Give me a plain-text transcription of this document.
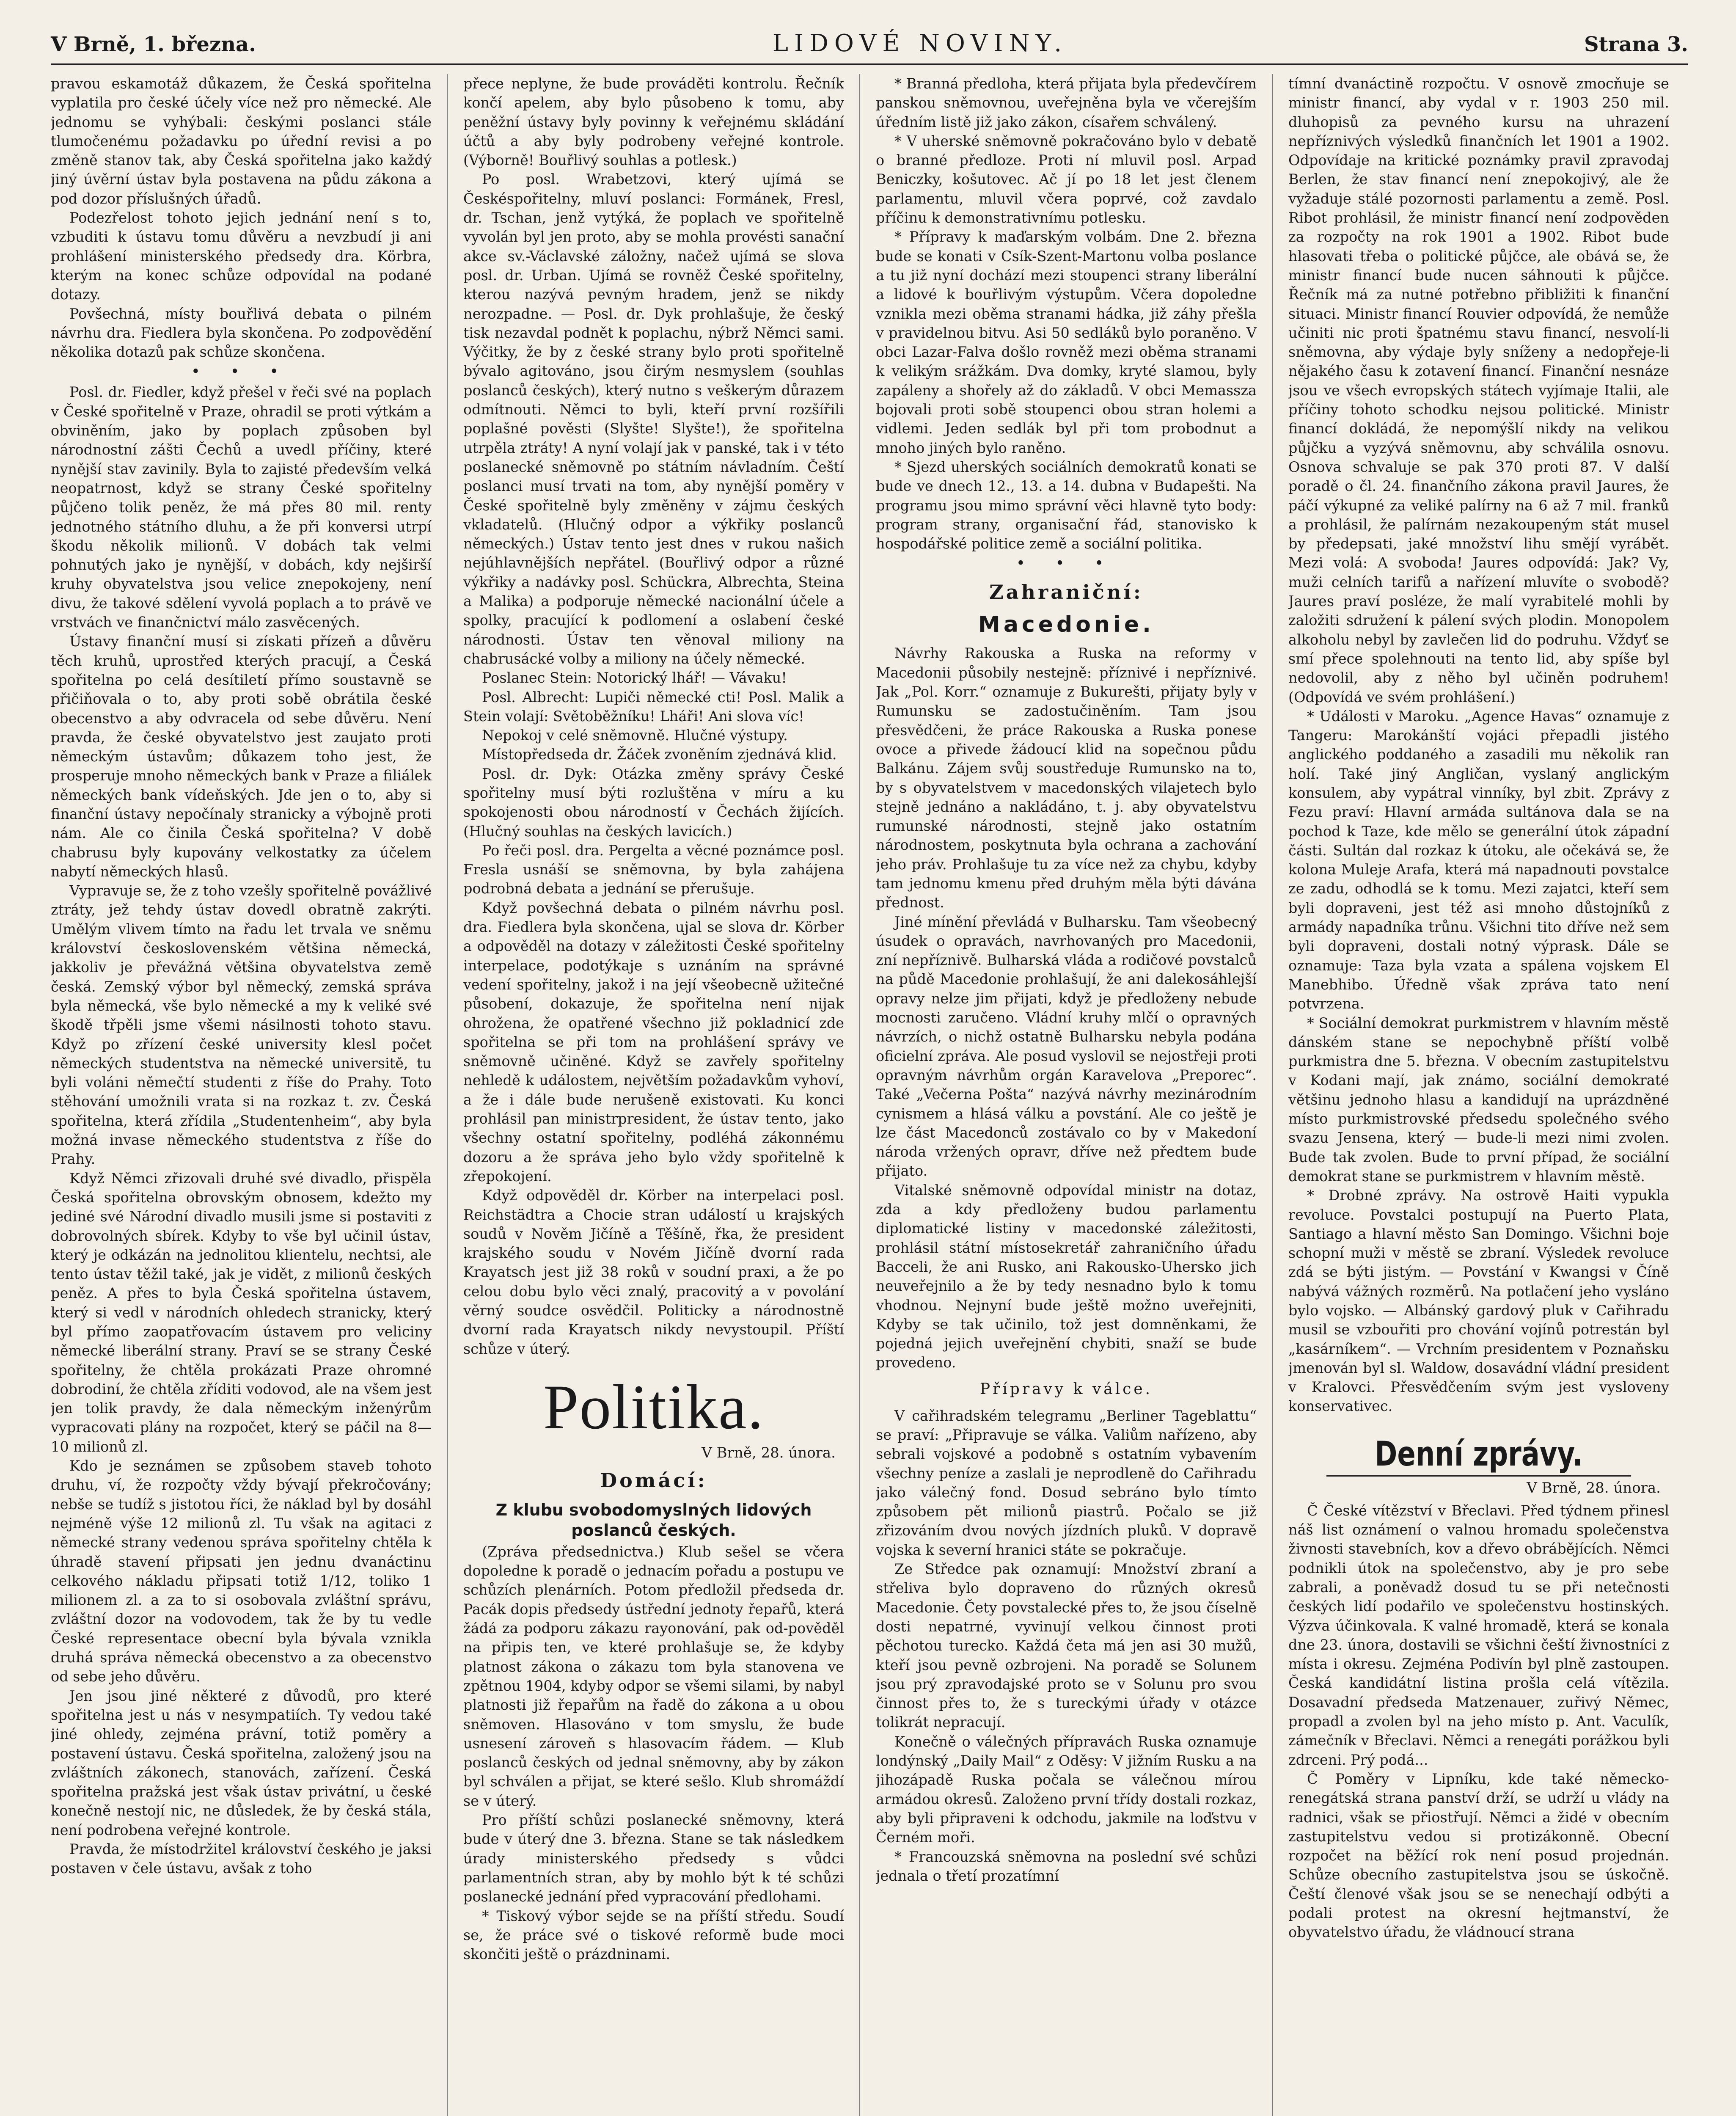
V Brně, 1. března.	LIDOVÉ NOVINY.	Strana 3.

pravou eskamotáž důkazem, že Česká spořitelna vyplatila pro české účely více než pro německé. Ale jednomu se vyhýbali: českými poslanci stále tlumočenému požadavku po úřední revisi a po změně stanov tak, aby Česká spořitelna jako každý jiný úvěrní ústav byla postavena na půdu zákona a pod dozor příslušných úřadů.

Podezřelost tohoto jejich jednání není s to, vzbuditi k ústavu tomu důvěru a nevzbudí ji ani prohlášení ministerského předsedy dra. Körbra, kterým na konec schůze odpovídal na podané dotazy.

Povšechná, místy bouřlivá debata o pilném návrhu dra. Fiedlera byla skončena. Po zodpovědění několika dotazů pak schůze skončena.

• • •

Posl. dr. Fiedler, když přešel v řeči své na poplach v České spořitelně v Praze, ohradil se proti výtkám a obviněním, jako by poplach způsoben byl národnostní zášti Čechů a uvedl příčiny, které nynější stav zavinily. Byla to zajisté především velká neopatrnost, když se strany České spořitelny půjčeno tolik peněz, že má přes 80 mil. renty jednotného státního dluhu, a že při konversi utrpí škodu několik milionů. V dobách tak velmi pohnutých jako je nynější, v dobách, kdy nejširší kruhy obyvatelstva jsou velice znepokojeny, není divu, že takové sdělení vyvolá poplach a to právě ve vrstvách ve finančnictví málo zasvěcených.

Ústavy finanční musí si získati přízeň a důvěru těch kruhů, uprostřed kterých pracují, a Česká spořitelna po celá desítiletí přímo soustavně se přičiňovala o to, aby proti sobě obrátila české obecenstvo a aby odvracela od sebe důvěru. Není pravda, že české obyvatelstvo jest zaujato proti německým ústavům; důkazem toho jest, že prosperuje mnoho německých bank v Praze a filiálek německých bank vídeňských. Jde jen o to, aby si finanční ústavy nepočínaly stranicky a výbojně proti nám. Ale co činila Česká spořitelna? V době chabrusu byly kupovány velkostatky za účelem nabytí německých hlasů.

Vypravuje se, že z toho vzešly spořitelně povážlivé ztráty, jež tehdy ústav dovedl obratně zakrýti. Umělým vlivem tímto na řadu let trvala ve sněmu království československém většina německá, jakkoliv je převážná většina obyvatelstva země česká. Zemský výbor byl německý, zemská správa byla německá, vše bylo německé a my k veliké své škodě třpěli jsme všemi násilnosti tohoto stavu. Když po zřízení české university klesl počet německých studentstva na německé universitě, tu byli voláni němečtí studenti z říše do Prahy. Toto stěhování umožnili vrata si na rozkaz t. zv. Česká spořitelna, která zřídila „Studentenheim“, aby byla možná invase německého studentstva z říše do Prahy.

Když Němci zřizovali druhé své divadlo, přispěla Česká spořitelna obrovským obnosem, kdežto my jediné své Národní divadlo musili jsme si postaviti z dobrovolných sbírek. Kdyby to vše byl učinil ústav, který je odkázán na jednolitou klientelu, nechtsi, ale tento ústav těžil také, jak je vidět, z milionů českých peněz. A přes to byla Česká spořitelna ústavem, který si vedl v národních ohledech stranicky, který byl přímo zaopatřovacím ústavem pro veliciny německé liberální strany. Praví se se strany České spořitelny, že chtěla prokázati Praze ohromné dobrodiní, že chtěla zříditi vodovod, ale na všem jest jen tolik pravdy, že dala německým inženýrům vypracovati plány na rozpočet, který se páčil na 8—10 milionů zl.

Kdo je seznámen se způsobem staveb tohoto druhu, ví, že rozpočty vždy bývají překročovány; nebše se tudíž s jistotou říci, že náklad byl by dosáhl nejméně výše 12 milionů zl. Tu však na agitaci z německé strany vedenou správa spořitelny chtěla k úhradě stavení připsati jen jednu dvanáctinu celkového nákladu připsati totiž 1/12, toliko 1 milionem zl. a za to si osobovala zvláštní správu, zvláštní dozor na vodovodem, tak že by tu vedle České representace obecní byla bývala vznikla druhá správa německá obecenstvo a za obecenstvo od sebe jeho důvěru.

Jen jsou jiné některé z důvodů, pro které spořitelna jest u nás v nesympatiích. Ty vedou také jiné ohledy, zejména právní, totiž poměry a postavení ústavu. Česká spořitelna, založený jsou na zvláštních zákonech, stanovách, zařízení. Česká spořitelna pražská jest však ústav privátní, u české konečně nestojí nic, ne důsledek, že by česká stála, není podrobena veřejné kontrole.

Pravda, že místodržitel království českého je jaksi postaven v čele ústavu, avšak z toho

přece neplyne, že bude prováděti kontrolu. Řečník končí apelem, aby bylo působeno k tomu, aby peněžní ústavy byly povinny k veřejnému skládání účtů a aby byly podrobeny veřejné kontrole. (Výborně! Bouřlivý souhlas a potlesk.)

Po posl. Wrabetzovi, který ujímá se Českéspořitelny, mluví poslanci: Formánek, Fresl, dr. Tschan, jenž vytýká, že poplach ve spořitelně vyvolán byl jen proto, aby se mohla provésti sanační akce sv.-Václavské záložny, načež ujímá se slova posl. dr. Urban. Ujímá se rovněž České spořitelny, kterou nazývá pevným hradem, jenž se nikdy nerozpadne. — Posl. dr. Dyk prohlašuje, že český tisk nezavdal podnět k poplachu, nýbrž Němci sami. Výčitky, že by z české strany bylo proti spořitelně bývalo agitováno, jsou čirým nesmyslem (souhlas poslanců českých), který nutno s veškerým důrazem odmítnouti. Němci to byli, kteří první rozšířili poplašné pověsti (Slyšte! Slyšte!), že spořitelna utrpěla ztráty! A nyní volají jak v panské, tak i v této poslanecké sněmovně po státním návladním. Čeští poslanci musí trvati na tom, aby nynější poměry v České spořitelně byly změněny v zájmu českých vkladatelů. (Hlučný odpor a výkřiky poslanců německých.) Ústav tento jest dnes v rukou našich nejúhlavnějších nepřátel. (Bouřlivý odpor a různé výkřiky a nadávky posl. Schückra, Albrechta, Steina a Malika) a podporuje německé nacionální účele a spolky, pracující k podlomení a oslabení české národnosti. Ústav ten věnoval miliony na chabrusácké volby a miliony na účely německé.

Poslanec Stein: Notorický lhář! — Vávaku!

Posl. Albrecht: Lupiči německé cti! Posl. Malik a Stein volají: Světoběžníku! Lháři! Ani slova víc!

Nepokoj v celé sněmovně. Hlučné výstupy.

Místopředseda dr. Žáček zvoněním zjednává klid.

Posl. dr. Dyk: Otázka změny správy České spořitelny musí býti rozluštěna v míru a ku spokojenosti obou národností v Čechách žijících. (Hlučný souhlas na českých lavicích.)

Po řeči posl. dra. Pergelta a věcné poznámce posl. Fresla usnáší se sněmovna, by byla zahájena podrobná debata a jednání se přerušuje.

Když povšechná debata o pilném návrhu posl. dra. Fiedlera byla skončena, ujal se slova dr. Körber a odpověděl na dotazy v záležitosti České spořitelny interpelace, podotýkaje s uznáním na správné vedení spořitelny, jakož i na její všeobecně užitečné působení, dokazuje, že spořitelna není nijak ohrožena, že opatřené všechno již pokladnicí zde spořitelna se při tom na prohlášení správy ve sněmovně učiněné. Když se zavřely spořitelny nehledě k událostem, největším požadavkům vyhoví, a že i dále bude nerušeně existovati. Ku konci prohlásil pan ministrpresident, že ústav tento, jako všechny ostatní spořitelny, podléhá zákonnému dozoru a že správa jeho bylo vždy spořitelně k zřepokojení.

Když odpověděl dr. Körber na interpelaci posl. Reichstädtra a Chocie stran událostí u krajských soudů v Nověm Jičíně a Těšíně, řka, že president krajského soudu v Novém Jičíně dvorní rada Krayatsch jest již 38 roků v soudní praxi, a že po celou dobu bylo věci znalý, pracovitý a v povolání věrný soudce osvědčil. Politicky a národnostně dvorní rada Krayatsch nikdy nevystoupil. Příští schůze v úterý.

Politika.
V Brně, 28. února.
Domácí:
Z klubu svobodomyslných lidových poslanců českých.

(Zpráva předsednictva.) Klub sešel se včera dopoledne k poradě o jednacím pořadu a postupu ve schůzích plenárních. Potom předložil předseda dr. Pacák dopis předsedy ústřední jednoty řepařů, která žádá za podporu zákazu rayonování, pak od-pověděl na připis ten, ve které prohlašuje se, že kdyby platnost zákona o zákazu tom byla stanovena ve zpětnou 1904, kdyby odpor se všemi silami, by nabyl platnosti již řepařům na řadě do zákona a u obou sněmoven. Hlasováno v tom smyslu, že bude usnesení zároveň s hlasovacím řádem. — Klub poslanců českých od jednal sněmovny, aby by zákon byl schválen a přijat, se které sešlo. Klub shromáždí se v úterý.

Pro příští schůzi poslanecké sněmovny, která bude v úterý dne 3. března. Stane se tak následkem úrady ministerského předsedy s vůdci parlamentních stran, aby by mohlo být k té schůzi poslanecké jednání před vypracování předlohami.

* Tiskový výbor sejde se na příští středu. Soudí se, že práce své o tiskové reformě bude moci skončiti ještě o prázdninami.

* Branná předloha, která přijata byla předevčírem panskou sněmovnou, uveřejněna byla ve včerejším úředním listě již jako zákon, císařem schválený.

* V uherské sněmovně pokračováno bylo v debatě o branné předloze. Proti ní mluvil posl. Arpad Beniczky, košutovec. Ač jí po 18 let jest členem parlamentu, mluvil včera poprvé, což zavdalo příčinu k demonstrativnímu potlesku.

* Přípravy k maďarským volbám. Dne 2. března bude se konati v Csík-Szent-Martonu volba poslance a tu již nyní dochází mezi stoupenci strany liberální a lidové k bouřlivým výstupům. Včera dopoledne vznikla mezi oběma stranami hádka, již záhy přešla v pravidelnou bitvu. Asi 50 sedláků bylo poraněno. V obci Lazar-Falva došlo rovněž mezi oběma stranami k velikým srážkám. Dva domky, kryté slamou, byly zapáleny a shořely až do základů. V obci Memassza bojovali proti sobě stoupenci obou stran holemi a vidlemi. Jeden sedlák byl při tom probodnut a mnoho jiných bylo raněno.

* Sjezd uherských sociálních demokratů konati se bude ve dnech 12., 13. a 14. dubna v Budapešti. Na programu jsou mimo správní věci hlavně tyto body: program strany, organisační řád, stanovisko k hospodářské politice země a sociální politika.

• • •
Zahraniční:
Macedonie.

Návrhy Rakouska a Ruska na reformy v Macedonii působily nestejně: příznivé i nepříznivé. Jak „Pol. Korr.“ oznamuje z Bukurešti, přijaty byly v Rumunsku se zadostučiněním. Tam jsou přesvědčeni, že práce Rakouska a Ruska ponese ovoce a přivede žádoucí klid na sopečnou půdu Balkánu. Zájem svůj soustředuje Rumunsko na to, by s obyvatelstvem v macedonských vilajetech bylo stejně jednáno a nakládáno, t. j. aby obyvatelstvu rumunské národnosti, stejně jako ostatním národnostem, poskytnuta byla ochrana a zachování jeho práv. Prohlašuje tu za více než za chybu, kdyby tam jednomu kmenu před druhým měla býti dávána přednost.

Jiné mínění převládá v Bulharsku. Tam všeobecný úsudek o opravách, navrhovaných pro Macedonii, zní nepříznivě. Bulharská vláda a rodičové povstalců na půdě Macedonie prohlašují, že ani dalekosáhlejší opravy nelze jim přijati, když je předloženy nebude mocnosti zaručeno. Vládní kruhy mlčí o opravných návrzích, o nichž ostatně Bulharsku nebyla podána oficielní zpráva. Ale posud vyslovil se nejostřeji proti opravným návrhům orgán Karavelova „Preporec“. Také „Večerna Pošta“ nazývá návrhy mezinárodním cynismem a hlásá válku a povstání. Ale co ještě je lze část Macedonců zostávalo co by v Makedoní národa vržených opravr, dříve než předtem bude přijato.

Vitalské sněmovně odpovídal ministr na dotaz, zda a kdy předloženy budou parlamentu diplomatické listiny v macedonské záležitosti, prohlásil státní místosekretář zahraničního úřadu Bacceli, že ani Rusko, ani Rakousko-Uhersko jich neuveřejnilo a že by tedy nesnadno bylo k tomu vhodnou. Nejnyní bude ještě možno uveřejniti, Kdyby se tak učinilo, tož jest domněnkami, že pojedná jejich uveřejnění chybiti, snaží se bude provedeno.

Přípravy k válce.

V cařihradském telegramu „Berliner Tageblattu“ se praví: „Připravuje se válka. Valiům nařízeno, aby sebrali vojskové a podobně s ostatním vybavením všechny peníze a zaslali je neprodleně do Cařihradu jako válečný fond. Dosud sebráno bylo tímto způsobem pět milionů piastrů. Počalo se již zřizováním dvou nových jízdních pluků. V dopravě vojska k severní hranici státe se pokračuje.

Ze Středce pak oznamují: Množství zbraní a střeliva bylo dopraveno do různých okresů Macedonie. Čety povstalecké přes to, že jsou číselně dosti nepatrné, vyvinují velkou činnost proti pěchotou turecko. Každá četa má jen asi 30 mužů, kteří jsou pevně ozbrojeni. Na poradě se Solunem jsou prý zpravodajské proto se v Solunu pro svou činnost přes to, že s tureckými úřady v otázce tolikrát nepracují.

Konečně o válečných přípravách Ruska oznamuje londýnský „Daily Mail“ z Oděsy: V jižním Rusku a na jihozápadě Ruska počala se válečnou mírou armádou okresů. Založeno první třídy dostali rozkaz, aby byli připraveni k odchodu, jakmile na loďstvu v Černém moři.

* Francouzská sněmovna na poslední své schůzi jednala o třetí prozatímní

tímní dvanáctině rozpočtu. V osnově zmocňuje se ministr financí, aby vydal v r. 1903 250 mil. dluhopisů za pevného kursu na uhrazení nepříznivých výsledků finančních let 1901 a 1902. Odpovídaje na kritické poznámky pravil zpravodaj Berlen, že stav financí není znepokojivý, ale že vyžaduje stálé pozornosti parlamentu a země. Posl. Ribot prohlásil, že ministr financí není zodpověden za rozpočty na rok 1901 a 1902. Ribot bude hlasovati třeba o politické půjčce, ale obává se, že ministr financí bude nucen sáhnouti k půjčce. Řečník má za nutné potřebno přibližiti k finanční situaci. Ministr financí Rouvier odpovídá, že nemůže učiniti nic proti špatnému stavu financí, nesvolí-li sněmovna, aby výdaje byly sníženy a nedopřeje-li nějakého času k zotavení financí. Finanční nesnáze jsou ve všech evropských státech vyjímaje Italii, ale příčiny tohoto schodku nejsou politické. Ministr financí dokládá, že nepomýšlí nikdy na velikou půjčku a vyzývá sněmovnu, aby schválila osnovu. Osnova schvaluje se pak 370 proti 87. V další poradě o čl. 24. finančního zákona pravil Jaures, že páčí výkupné za veliké palírny na 6 až 7 mil. franků a prohlásil, že palírnám nezakoupeným stát musel by předepsati, jaké množství lihu smějí vyrábět. Mezi volá: A svoboda! Jaures odpovídá: Jak? Vy, muži celních tarifů a nařízení mluvíte o svobodě? Jaures praví posléze, že malí vyrabitelé mohli by založiti sdružení k pálení svých plodin. Monopolem alkoholu nebyl by zavlečen lid do podruhu. Vždyť se smí přece spolehnouti na tento lid, aby spíše byl nedovolil, aby z něho byl učiněn podruhem! (Odpovídá ve svém prohlášení.)

* Události v Maroku. „Agence Havas“ oznamuje z Tangeru: Marokánští vojáci přepadli jistého anglického poddaného a zasadili mu několik ran holí. Také jiný Angličan, vyslaný anglickým konsulem, aby vypátral vinníky, byl zbit. Zprávy z Fezu praví: Hlavní armáda sultánova dala se na pochod k Taze, kde mělo se generální útok západní části. Sultán dal rozkaz k útoku, ale očekává se, že kolona Muleje Arafa, která má napadnouti povstalce ze zadu, odhodlá se k tomu. Mezi zajatci, kteří sem byli dopraveni, jest též asi mnoho důstojníků z armády napadníka trůnu. Všichni tito dříve než sem byli dopraveni, dostali notný výprask. Dále se oznamuje: Taza byla vzata a spálena vojskem El Manebhibo. Úředně však zpráva tato není potvrzena.

* Sociální demokrat purkmistrem v hlavním městě dánském stane se nepochybně příští volbě purkmistra dne 5. března. V obecním zastupitelstvu v Kodani mají, jak známo, sociální demokraté většinu jednoho hlasu a kandidují na uprázdněné místo purkmistrovské předsedu společného svého svazu Jensena, který — bude-li mezi nimi zvolen. Bude tak zvolen. Bude to první případ, že sociální demokrat stane se purkmistrem v hlavním městě.

* Drobné zprávy. Na ostrově Haiti vypukla revoluce. Povstalci postupují na Puerto Plata, Santiago a hlavní město San Domingo. Všichni boje schopní muži v městě se zbraní. Výsledek revoluce zdá se býti jistým. — Povstání v Kwangsi v Číně nabývá vážných rozměrů. Na potlačení jeho vysláno bylo vojsko. — Albánský gardový pluk v Cařihradu musil se vzbouřiti pro chování vojínů potrestán byl „kasárníkem“. — Vrchním presidentem v Poznaňsku jmenován byl sl. Waldow, dosavádní vládní president v Kralovci. Přesvědčením svým jest vysloveny konservativec.

Denní zprávy.
V Brně, 28. února.

Č České vítězství v Břeclavi. Před týdnem přinesl náš list oznámení o valnou hromadu společenstva živnosti stavebních, kov a dřevo obrábějících. Němci podnikli útok na společenstvo, aby je pro sebe zabrali, a poněvadž dosud tu se při netečnosti českých lidí podařilo ve společenstvu hostinských. Výzva účinkovala. K valné hromadě, která se konala dne 23. února, dostavili se všichni čeští živnostníci z místa i okresu. Zejména Podivín byl plně zastoupen. Česká kandidátní listina prošla celá vítězila. Dosavadní předseda Matzenauer, zuřivý Němec, propadl a zvolen byl na jeho místo p. Ant. Vaculík, zámečník v Břeclavi. Němci a renegáti porážkou byli zdrceni. Prý podá...

Č Poměry v Lipníku, kde také německo-renegátská strana panství drží, se udrží u vlády na radnici, však se přiostřují. Němci a židé v obecním zastupitelstvu vedou si protizákonně. Obecní rozpočet na běžící rok není posud projednán. Schůze obecního zastupitelstva jsou se úskočně. Čeští členové však jsou se se nenechají odbýti a podali protest na okresní hejtmanství, že obyvatelstvo úřadu, že vládnoucí strana
